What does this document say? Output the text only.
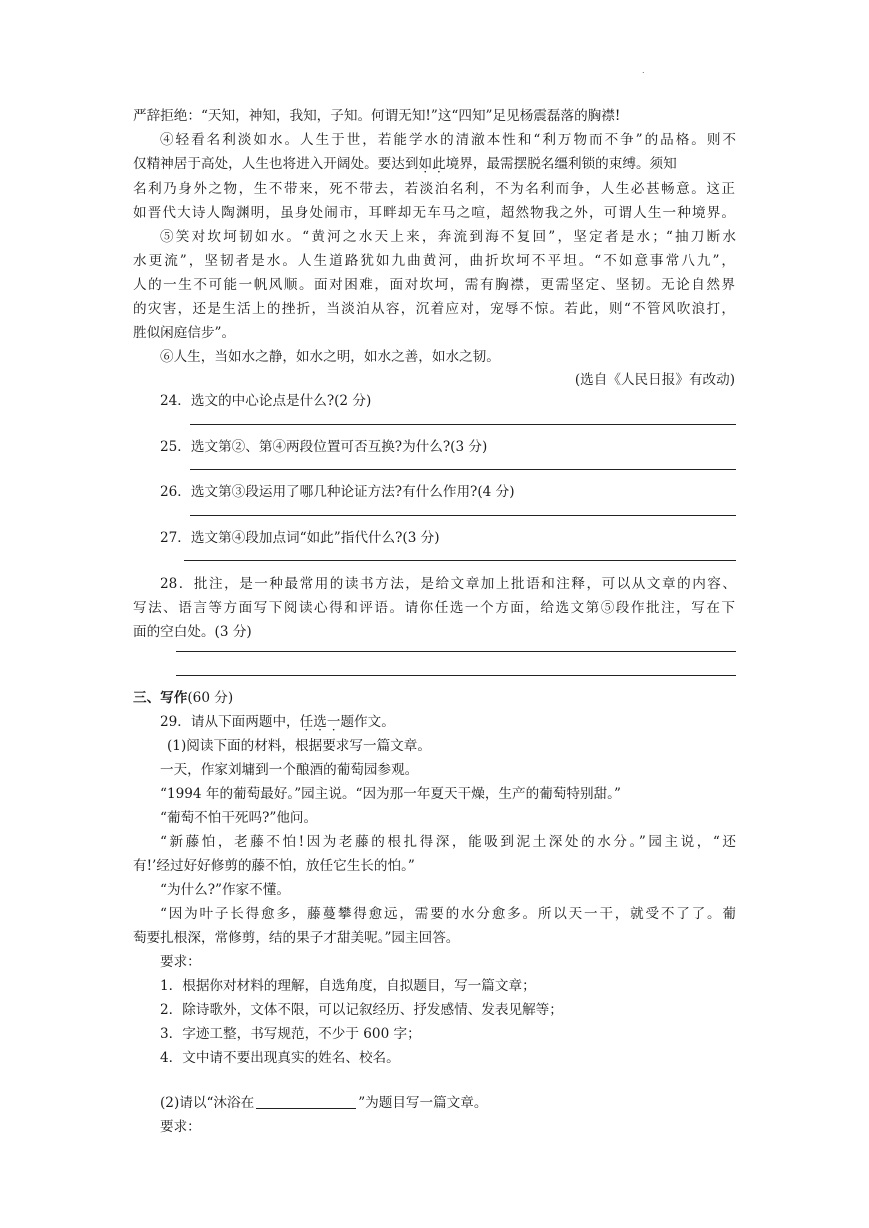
.
严辞拒绝：“天知，神知，我知，子知。何谓无知!”这“四知”足见杨震磊落的胸襟!
④轻看名利淡如水。人生于世，若能学水的清澈本性和“利万物而不争”的品格。则不
仅精神居于高处，人生也将进入开阔处。要达到如此境界，最需摆脱名缰利锁的束缚。须知
名利乃身外之物，生不带来，死不带去，若淡泊名利，不为名利而争，人生必甚畅意。这正
如晋代大诗人陶渊明，虽身处闹市，耳畔却无车马之喧，超然物我之外，可谓人生一种境界。
⑤笑对坎坷韧如水。“黄河之水天上来，奔流到海不复回”，坚定者是水；“抽刀断水
水更流”，坚韧者是水。人生道路犹如九曲黄河，曲折坎坷不平坦。“不如意事常八九”，
人的一生不可能一帆风顺。面对困难，面对坎坷，需有胸襟，更需坚定、坚韧。无论自然界
的灾害，还是生活上的挫折，当淡泊从容，沉着应对，宠辱不惊。若此，则“不管风吹浪打，
胜似闲庭信步”。
⑥人生，当如水之静，如水之明，如水之善，如水之韧。
(选自《人民日报》有改动)
24．选文的中心论点是什么?(2 分)
25．选文第②、第④两段位置可否互换?为什么?(3 分)
26．选文第③段运用了哪几种论证方法?有什么作用?(4 分)
27．选文第④段加点词“如此”指代什么?(3 分)
28．批注，是一种最常用的读书方法，是给文章加上批语和注释，可以从文章的内容、
写法、语言等方面写下阅读心得和评语。请你任选一个方面，给选文第⑤段作批注，写在下
面的空白处。(3 分)
三、写作(60 分)
29．请从下面两题中，任选一题作文。
(1)阅读下面的材料，根据要求写一篇文章。
一天，作家刘墉到一个酿酒的葡萄园参观。
“1994 年的葡萄最好。”园主说。“因为那一年夏天干燥，生产的葡萄特别甜。”
“葡萄不怕干死吗?”他问。
“新藤怕，老藤不怕!因为老藤的根扎得深，能吸到泥土深处的水分。”园主说，“还
有!’经过好好修剪的藤不怕，放任它生长的怕。”
“为什么?”作家不懂。
“因为叶子长得愈多，藤蔓攀得愈远，需要的水分愈多。所以天一干，就受不了了。葡
萄要扎根深，常修剪，结的果子才甜美呢。”园主回答。
要求：
1．根据你对材料的理解，自选角度，自拟题目，写一篇文章；
2．除诗歌外，文体不限，可以记叙经历、抒发感情、发表见解等；
3．字迹工整，书写规范，不少于 600 字；
4．文中请不要出现真实的姓名、校名。
(2)请以“沐浴在	”为题目写一篇文章。
要求：
